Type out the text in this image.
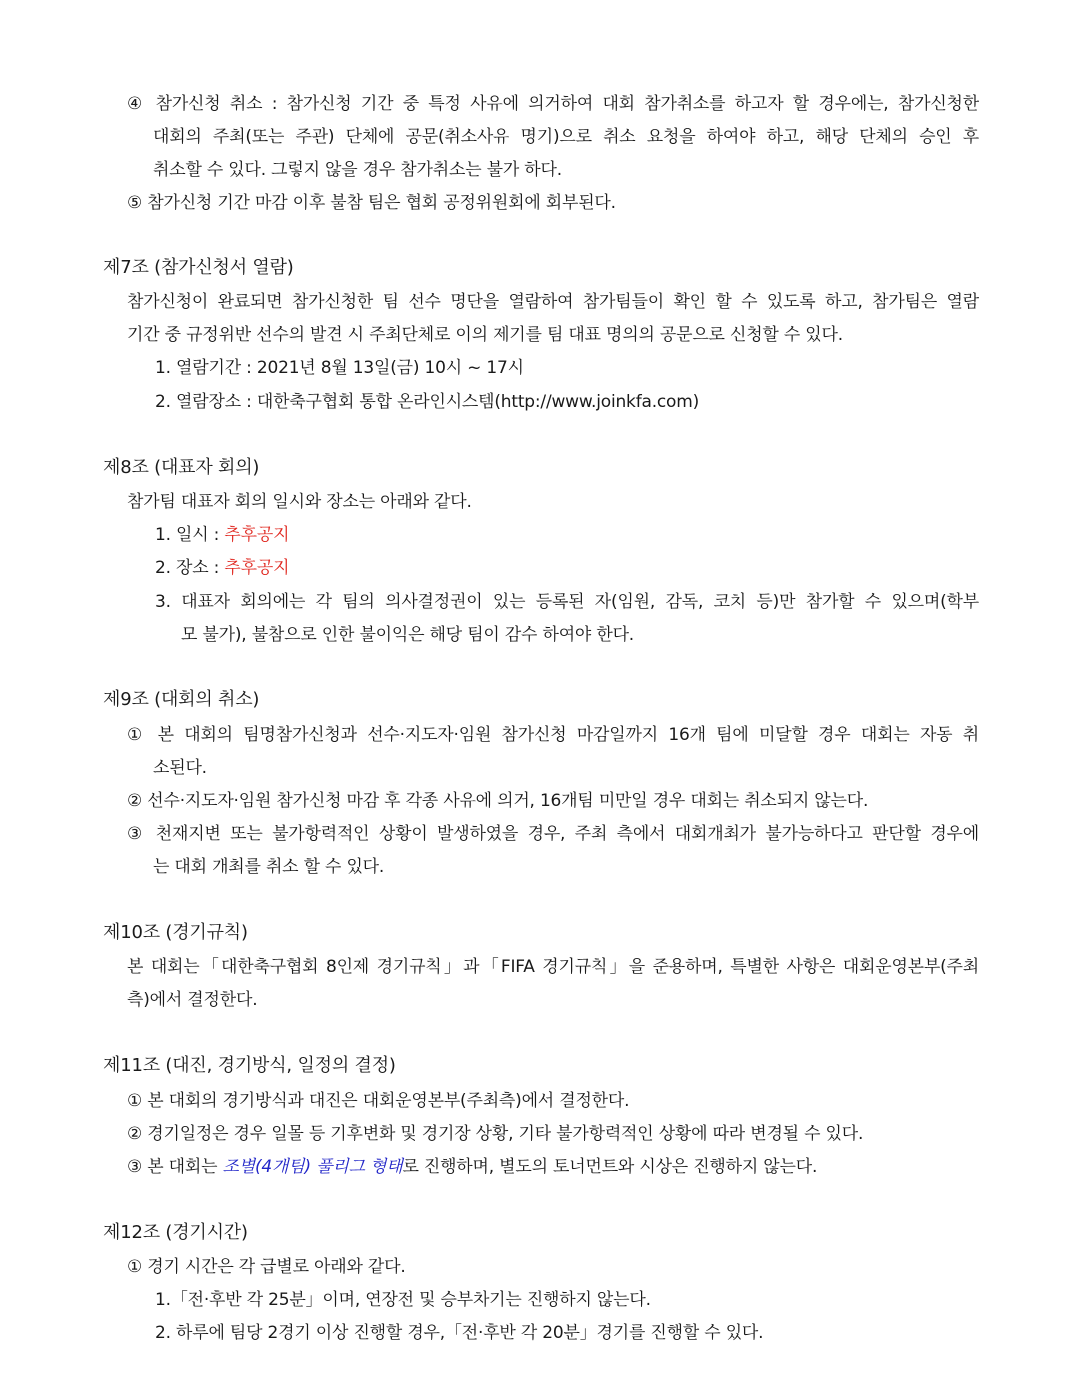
④ 참가신청 취소 : 참가신청 기간 중 특정 사유에 의거하여 대회 참가취소를 하고자 할 경우에는, 참가신청한
대회의 주최(또는 주관) 단체에 공문(취소사유 명기)으로 취소 요청을 하여야 하고, 해당 단체의 승인 후
취소할 수 있다. 그렇지 않을 경우 참가취소는 불가 하다.
⑤ 참가신청 기간 마감 이후 불참 팀은 협회 공정위원회에 회부된다.
제7조 (참가신청서 열람)
참가신청이 완료되면 참가신청한 팀 선수 명단을 열람하여 참가팀들이 확인 할 수 있도록 하고, 참가팀은 열람
기간 중 규정위반 선수의 발견 시 주최단체로 이의 제기를 팀 대표 명의의 공문으로 신청할 수 있다.
1. 열람기간 : 2021년 8월 13일(금) 10시 ~ 17시
2. 열람장소 : 대한축구협회 통합 온라인시스템(http://www.joinkfa.com)
제8조 (대표자 회의)
참가팀 대표자 회의 일시와 장소는 아래와 같다.
1. 일시 : 추후공지
2. 장소 : 추후공지
3. 대표자 회의에는 각 팀의 의사결정권이 있는 등록된 자(임원, 감독, 코치 등)만 참가할 수 있으며(학부
모 불가), 불참으로 인한 불이익은 해당 팀이 감수 하여야 한다.
제9조 (대회의 취소)
① 본 대회의 팀명참가신청과 선수·지도자·임원 참가신청 마감일까지 16개 팀에 미달할 경우 대회는 자동 취
소된다.
② 선수·지도자·임원 참가신청 마감 후 각종 사유에 의거, 16개팀 미만일 경우 대회는 취소되지 않는다.
③ 천재지변 또는 불가항력적인 상황이 발생하였을 경우, 주최 측에서 대회개최가 불가능하다고 판단할 경우에
는 대회 개최를 취소 할 수 있다.
제10조 (경기규칙)
본 대회는「대한축구협회 8인제 경기규칙」과「FIFA 경기규칙」을 준용하며, 특별한 사항은 대회운영본부(주최
측)에서 결정한다.
제11조 (대진, 경기방식, 일정의 결정)
① 본 대회의 경기방식과 대진은 대회운영본부(주최측)에서 결정한다.
② 경기일정은 경우 일몰 등 기후변화 및 경기장 상황, 기타 불가항력적인 상황에 따라 변경될 수 있다.
③ 본 대회는 조별(4개팀) 풀리그 형태로 진행하며, 별도의 토너먼트와 시상은 진행하지 않는다.
제12조 (경기시간)
① 경기 시간은 각 급별로 아래와 같다.
1.「전·후반 각 25분」이며, 연장전 및 승부차기는 진행하지 않는다.
2. 하루에 팀당 2경기 이상 진행할 경우,「전·후반 각 20분」경기를 진행할 수 있다.
